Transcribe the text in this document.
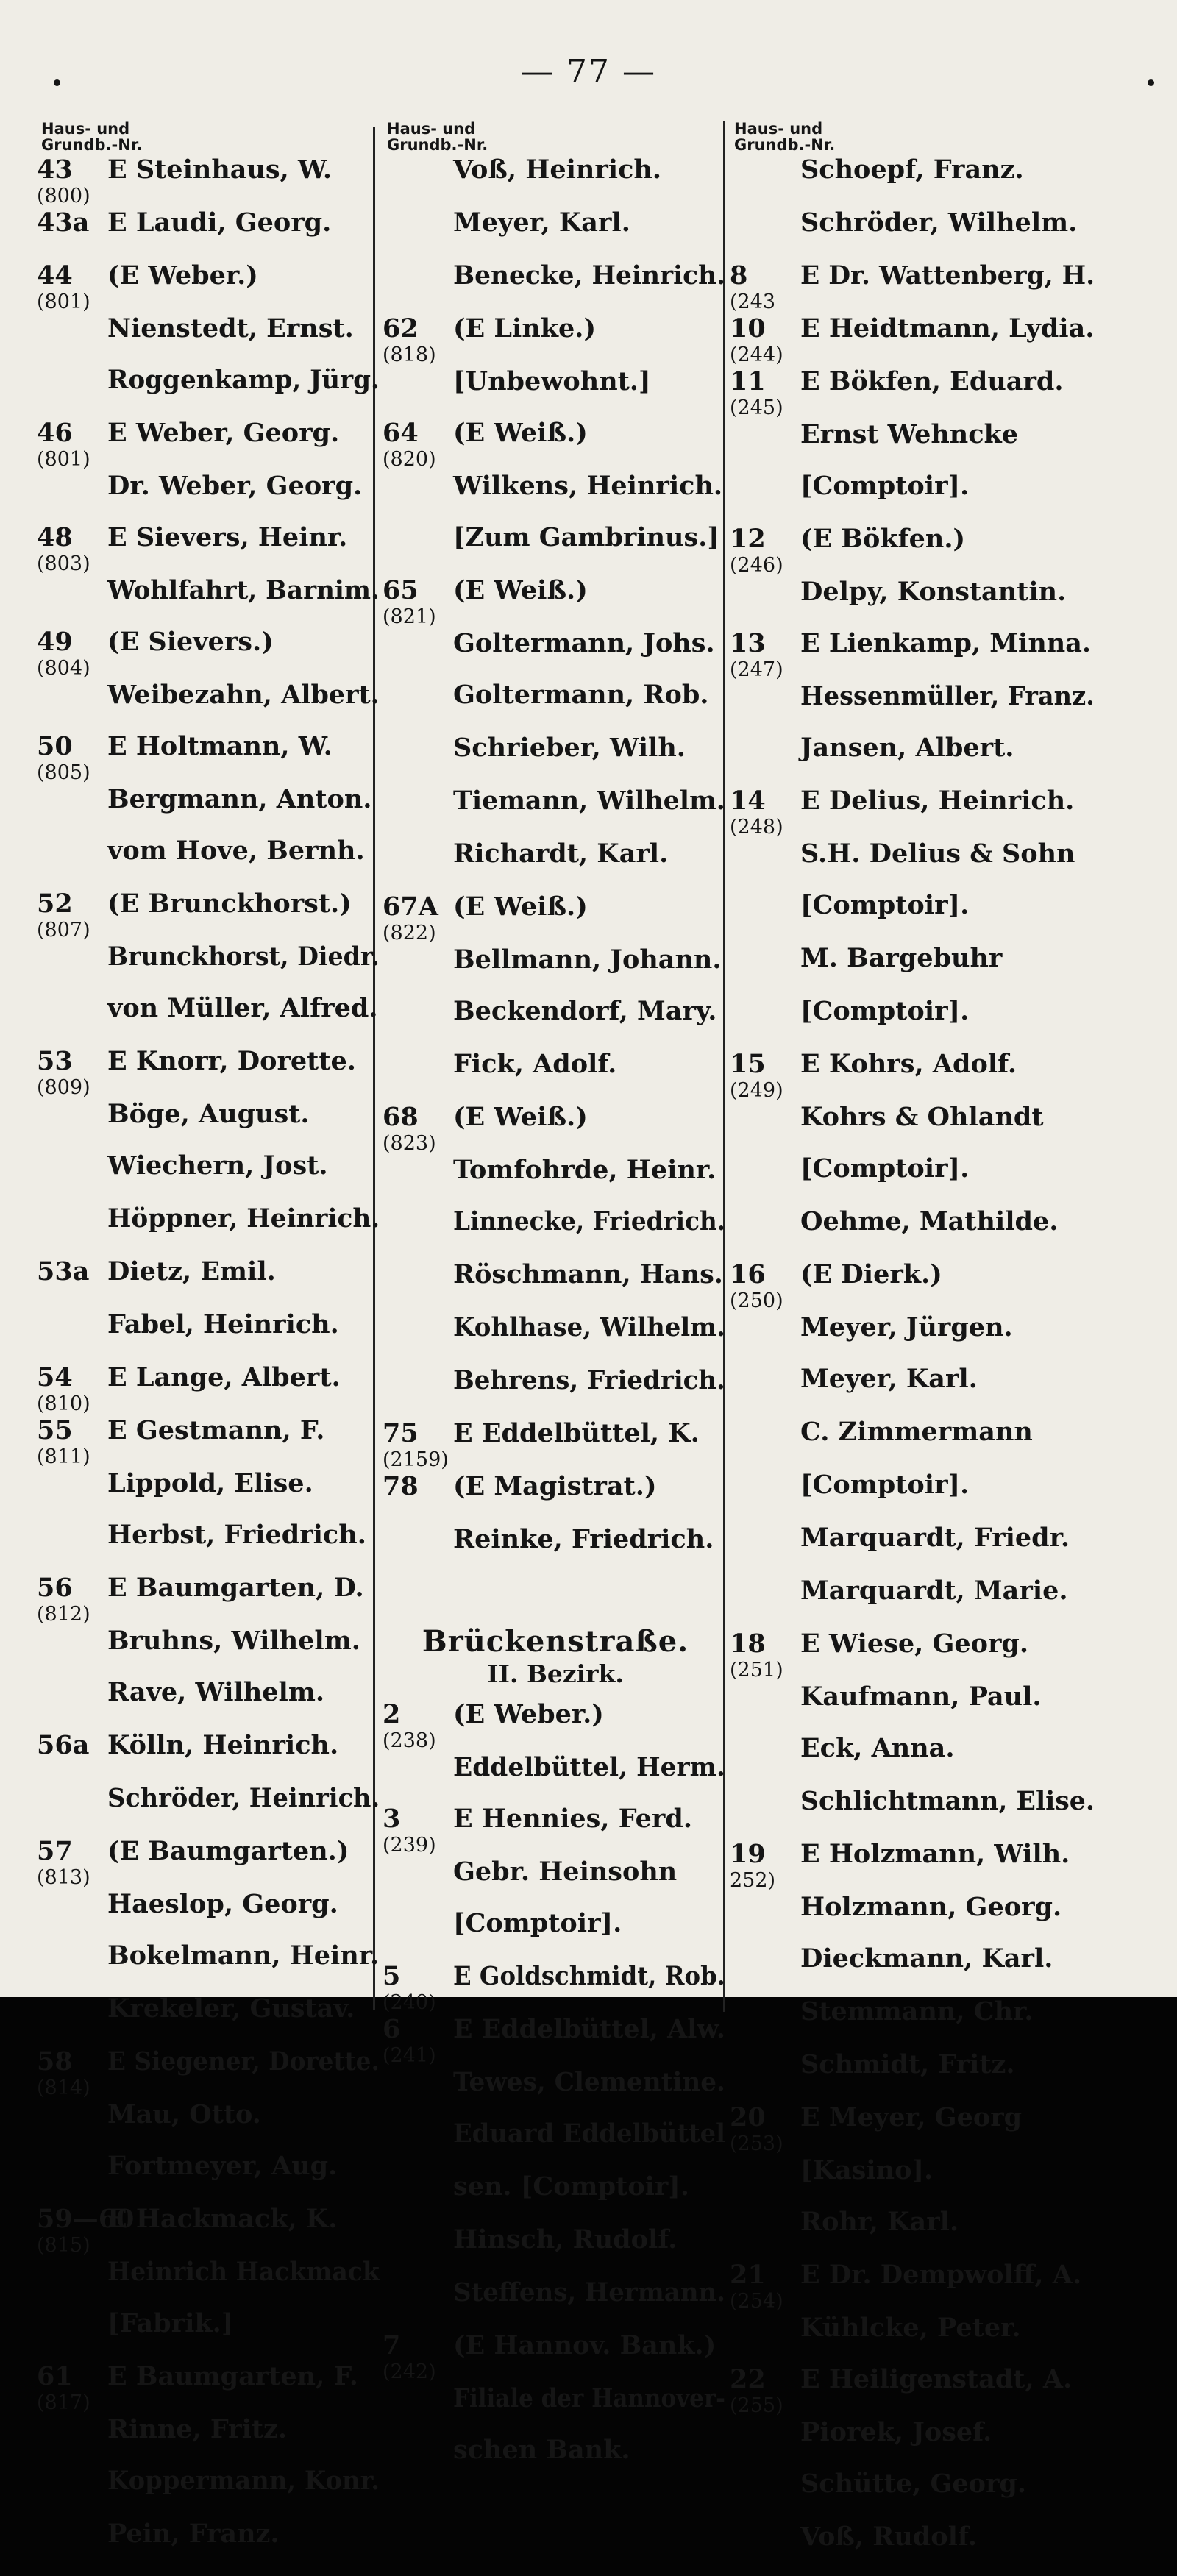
— 77 —
Haus- und
Grundb.-Nr.
43
(800)
E Steinhaus, W.
43a E Laudi, Georg.
44
(801)
(E Weber.)
Nienstedt, Ernst.
Roggenkamp, Jürg.
46
(801)
E Weber, Georg.
Dr. Weber, Georg.
48
(803)
E Sievers, Heinr.
Wohlfahrt, Barnim.
49
(804)
(E Sievers.)
Weibezahn, Albert.
50
(805)
E Holtmann, W.
Bergmann, Anton.
vom Hove, Bernh.
52
(807)
(E Brunckhorst.)
Brunckhorst, Diedr.
von Müller, Alfred.
53
(809)
E Knorr, Dorette.
Böge, August.
Wiechern, Jost.
Höppner, Heinrich.
53a Dietz, Emil.
Fabel, Heinrich.
54
(810)
E Lange, Albert.
55
(811)
E Gestmann, F.
Lippold, Elise.
Herbst, Friedrich.
56
(812)
E Baumgarten, D.
Bruhns, Wilhelm.
Rave, Wilhelm.
56a Kölln, Heinrich.
Schröder, Heinrich.
57
(813)
(E Baumgarten.)
Haeslop, Georg.
Bokelmann, Heinr.
Krekeler, Gustav.
58
(814)
E Siegener, Dorette.
Mau, Otto.
Fortmeyer, Aug.
59—60
(815)
E Hackmack, K.
Heinrich Hackmack
[Fabrik.]
61
(817)
E Baumgarten, F.
Rinne, Fritz.
Koppermann, Konr.
Pein, Franz.
Haus- und
Grundb.-Nr.
Voß, Heinrich.
Meyer, Karl.
Benecke, Heinrich.
62
(818)
(E Linke.)
[Unbewohnt.]
64
(820)
(E Weiß.)
Wilkens, Heinrich.
[Zum Gambrinus.]
65
(821)
(E Weiß.)
Goltermann, Johs.
Goltermann, Rob.
Schrieber, Wilh.
Tiemann, Wilhelm.
Richardt, Karl.
67A
(822)
(E Weiß.)
Bellmann, Johann.
Beckendorf, Mary.
Fick, Adolf.
68
(823)
(E Weiß.)
Tomfohrde, Heinr.
Linnecke, Friedrich.
Röschmann, Hans.
Kohlhase, Wilhelm.
Behrens, Friedrich.
75
(2159)
E Eddelbüttel, K.
78 (E Magistrat.)
Reinke, Friedrich.
Brückenstraße.
II. Bezirk.
2
(238)
(E Weber.)
Eddelbüttel, Herm.
3
(239)
E Hennies, Ferd.
Gebr. Heinsohn
[Comptoir].
5
(240)
E Goldschmidt, Rob.
6
(241)
E Eddelbüttel, Alw.
Tewes, Clementine.
Eduard Eddelbüttel
sen. [Comptoir].
Hinsch, Rudolf.
Steffens, Hermann.
7
(242)
(E Hannov. Bank.)
Filiale der Hannover-
schen Bank.
Haus- und
Grundb.-Nr.
Schoepf, Franz.
Schröder, Wilhelm.
8
(243
E Dr. Wattenberg, H.
10
(244)
E Heidtmann, Lydia.
11
(245)
E Bökfen, Eduard.
Ernst Wehncke
[Comptoir].
12
(246)
(E Bökfen.)
Delpy, Konstantin.
13
(247)
E Lienkamp, Minna.
Hessenmüller, Franz.
Jansen, Albert.
14
(248)
E Delius, Heinrich.
S.H. Delius & Sohn
[Comptoir].
M. Bargebuhr
[Comptoir].
15
(249)
E Kohrs, Adolf.
Kohrs & Ohlandt
[Comptoir].
Oehme, Mathilde.
16
(250)
(E Dierk.)
Meyer, Jürgen.
Meyer, Karl.
C. Zimmermann
[Comptoir].
Marquardt, Friedr.
Marquardt, Marie.
18
(251)
E Wiese, Georg.
Kaufmann, Paul.
Eck, Anna.
Schlichtmann, Elise.
19
252)
E Holzmann, Wilh.
Holzmann, Georg.
Dieckmann, Karl.
Stemmann, Chr.
Schmidt, Fritz.
20
(253)
E Meyer, Georg
[Kasino].
Rohr, Karl.
21
(254)
E Dr. Dempwolff, A.
Kühlcke, Peter.
22
(255)
E Heiligenstadt, A.
Piorek, Josef.
Schütte, Georg.
Voß, Rudolf.
